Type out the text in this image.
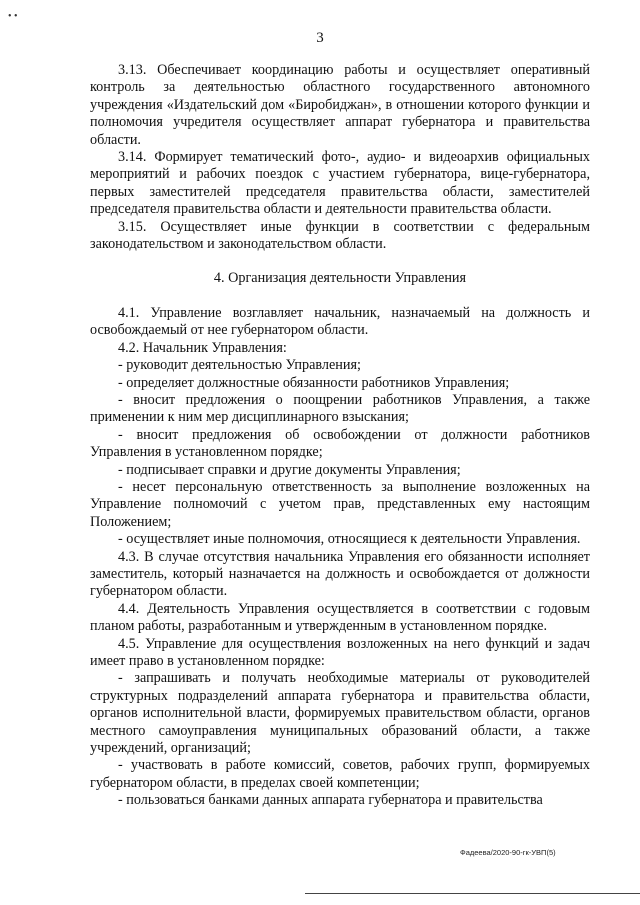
• •
3

3.13. Обеспечивает координацию работы и осуществляет оперативный контроль за деятельностью областного государственного автономного учреждения «Издательский дом «Биробиджан», в отношении которого функции и полномочия учредителя осуществляет аппарат губернатора и правительства области.

3.14. Формирует тематический фото-, аудио- и видеоархив официальных мероприятий и рабочих поездок с участием губернатора, вице-губернатора, первых заместителей председателя правительства области, заместителей председателя правительства области и деятельности правительства области.

3.15. Осуществляет иные функции в соответствии с федеральным законодательством и законодательством области.

4. Организация деятельности Управления

4.1. Управление возглавляет начальник, назначаемый на должность и освобождаемый от нее губернатором области.

4.2. Начальник Управления:

- руководит деятельностью Управления;

- определяет должностные обязанности работников Управления;

- вносит предложения о поощрении работников Управления, а также применении к ним мер дисциплинарного взыскания;

- вносит предложения об освобождении от должности работников Управления в установленном порядке;

- подписывает справки и другие документы Управления;

- несет персональную ответственность за выполнение возложенных на Управление полномочий с учетом прав, представленных ему настоящим Положением;

- осуществляет иные полномочия, относящиеся к деятельности Управления.

4.3. В случае отсутствия начальника Управления его обязанности исполняет заместитель, который назначается на должность и освобождается от должности губернатором области.

4.4. Деятельность Управления осуществляется в соответствии с годовым планом работы, разработанным и утвержденным в установленном порядке.

4.5. Управление для осуществления возложенных на него функций и задач имеет право в установленном порядке:

- запрашивать и получать необходимые материалы от руководителей структурных подразделений аппарата губернатора и правительства области, органов исполнительной власти, формируемых правительством области, органов местного самоуправления муниципальных образований области, а также учреждений, организаций;

- участвовать в работе комиссий, советов, рабочих групп, формируемых губернатором области, в пределах своей компетенции;

- пользоваться банками данных аппарата губернатора и правительства

Фадеева/2020-90-гк-УВП(5)
